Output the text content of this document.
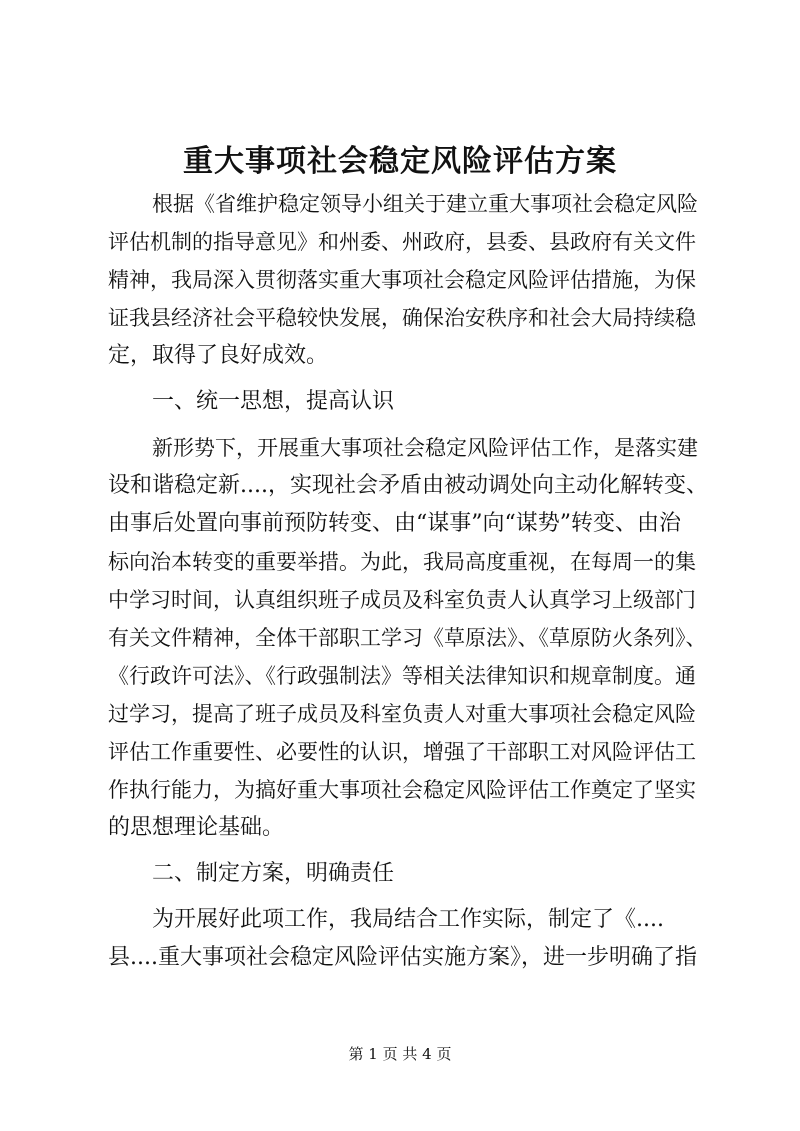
重大事项社会稳定风险评估方案
根据《省维护稳定领导小组关于建立重大事项社会稳定风险
评估机制的指导意见》和州委、州政府，县委、县政府有关文件
精神，我局深入贯彻落实重大事项社会稳定风险评估措施，为保
证我县经济社会平稳较快发展，确保治安秩序和社会大局持续稳
定，取得了良好成效。
一、统一思想，提高认识
新形势下，开展重大事项社会稳定风险评估工作，是落实建
设和谐稳定新....，实现社会矛盾由被动调处向主动化解转变、
由事后处置向事前预防转变、由“谋事”向“谋势”转变、由治
标向治本转变的重要举措。为此，我局高度重视，在每周一的集
中学习时间，认真组织班子成员及科室负责人认真学习上级部门
有关文件精神，全体干部职工学习《草原法》、《草原防火条列》、
《行政许可法》、《行政强制法》等相关法律知识和规章制度。通
过学习，提高了班子成员及科室负责人对重大事项社会稳定风险
评估工作重要性、必要性的认识，增强了干部职工对风险评估工
作执行能力，为搞好重大事项社会稳定风险评估工作奠定了坚实
的思想理论基础。
二、制定方案，明确责任
为开展好此项工作，我局结合工作实际，制定了《....
县....重大事项社会稳定风险评估实施方案》，进一步明确了指
第 1 页 共 4 页
